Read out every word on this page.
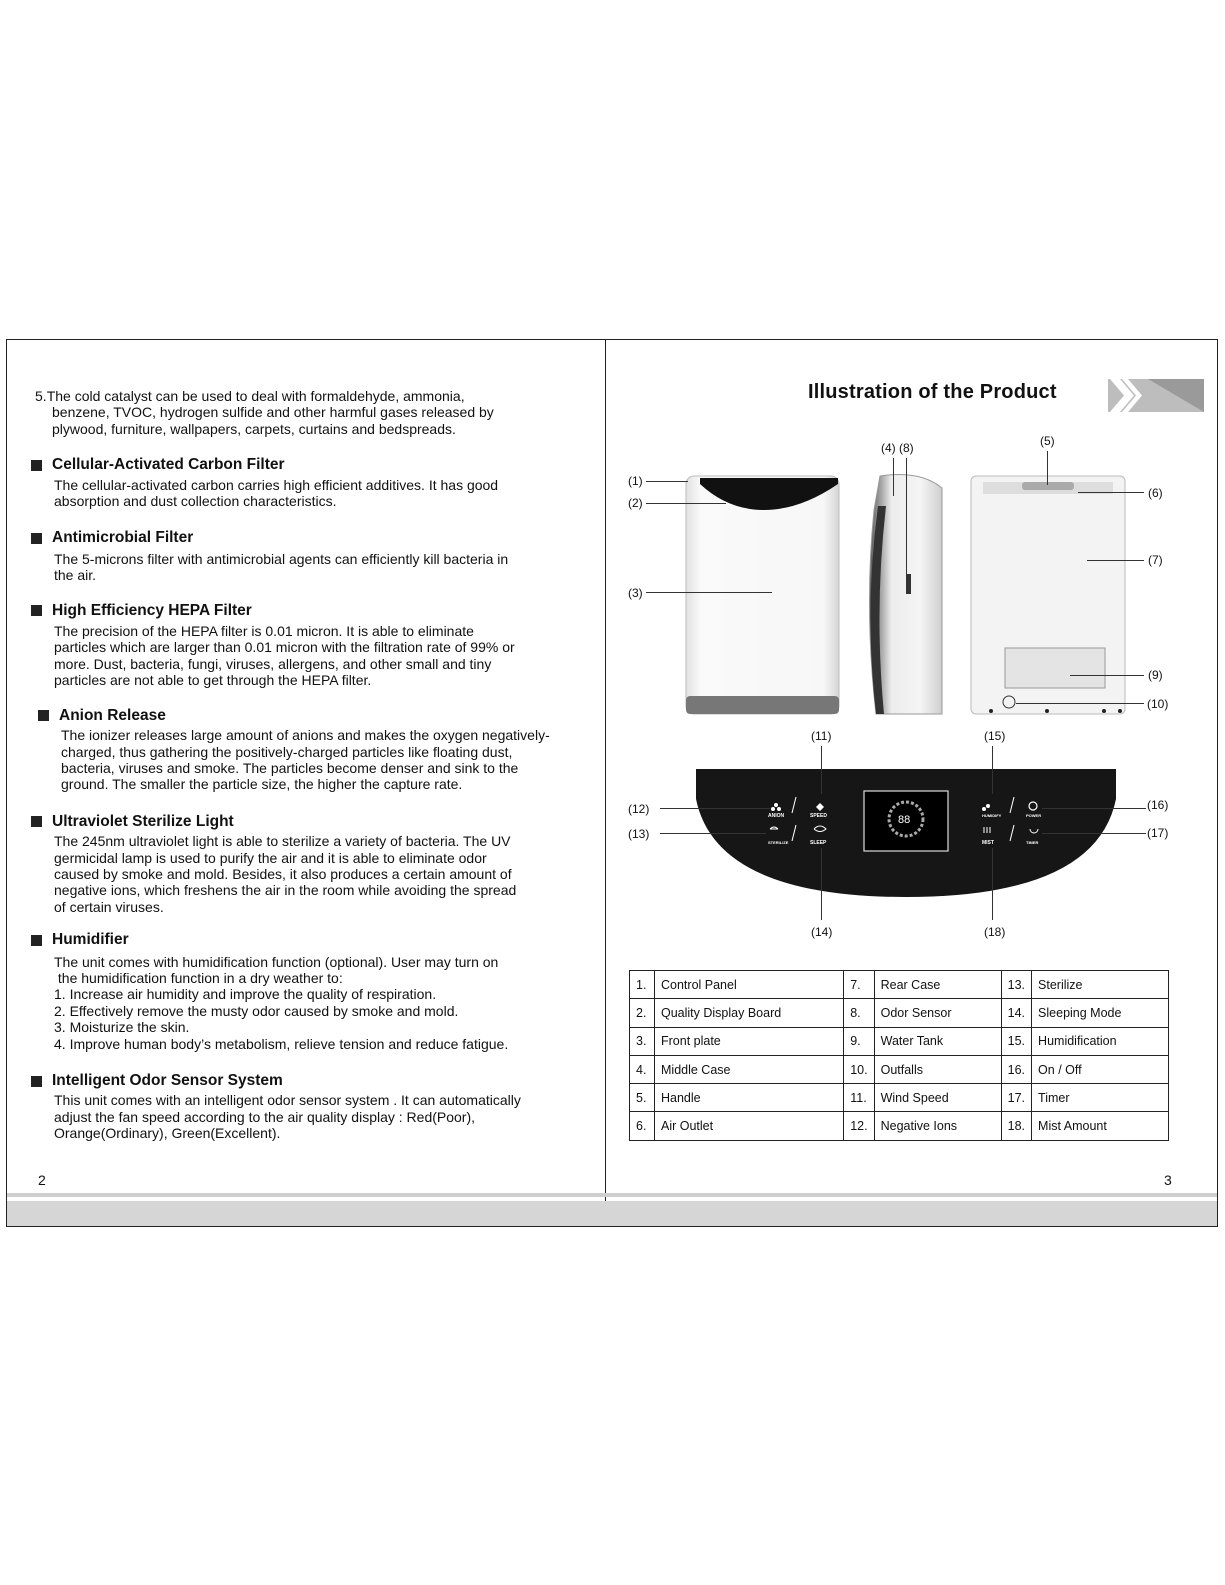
5.The cold catalyst can be used to deal with formaldehyde, ammonia,
benzene, TVOC, hydrogen sulfide and other harmful gases released by
plywood, furniture, wallpapers, carpets, curtains and bedspreads.
Cellular-Activated Carbon Filter
The cellular-activated carbon carries high efficient additives. It has good
absorption and dust collection characteristics.
Antimicrobial Filter
The 5-microns filter with antimicrobial agents can efficiently kill bacteria in
the air.
High Efficiency HEPA Filter
The precision of the HEPA filter is 0.01 micron. It is able to eliminate
particles which are larger than 0.01 micron with the filtration rate of 99% or
more. Dust, bacteria, fungi, viruses, allergens, and other small and tiny
particles are not able to get through the HEPA filter.
Anion Release
The ionizer releases large amount of anions and makes the oxygen negatively-
charged, thus gathering the positively-charged particles like floating dust,
bacteria, viruses and smoke. The particles become denser and sink to the
ground. The smaller the particle size, the higher the capture rate.
Ultraviolet Sterilize Light
The 245nm ultraviolet light is able to sterilize a variety of bacteria. The UV
germicidal lamp is used to purify the air and it is able to eliminate odor
caused by smoke and mold. Besides, it also produces a certain amount of
negative ions, which freshens the air in the room while avoiding the spread
of certain viruses.
Humidifier
The unit comes with humidification function (optional). User may turn on
the humidification function in a dry weather to:
1. Increase air humidity and improve the quality of respiration.
2. Effectively remove the musty odor caused by smoke and mold.
3. Moisturize the skin.
4. Improve human body’s metabolism, relieve tension and reduce fatigue.
Intelligent Odor Sensor System
This unit comes with an intelligent odor sensor system . It can automatically
adjust the fan speed according to the air quality display : Red(Poor),
Orange(Ordinary), Green(Excellent).
2	3
Illustration of the Product
(1)
(2)
(3)
(4) (8)	(5)
(6)
(7)
(9)
(10)
88
ANION	SPEED
STERILIZE	SLEEP
HUMIDIFY	POWER
MIST	TIMER
(11)	(15)
(12)
(13)
(16)
(17)
(14)	(18)
1.	Control Panel	7.	Rear Case	13.	Sterilize
2.	Quality Display Board	8.	Odor Sensor	14.	Sleeping Mode
3.	Front plate	9.	Water Tank	15.	Humidification
4.	Middle Case	10.	Outfalls	16.	On / Off
5.	Handle	11.	Wind Speed	17.	Timer
6.	Air Outlet	12.	Negative Ions	18.	Mist Amount
